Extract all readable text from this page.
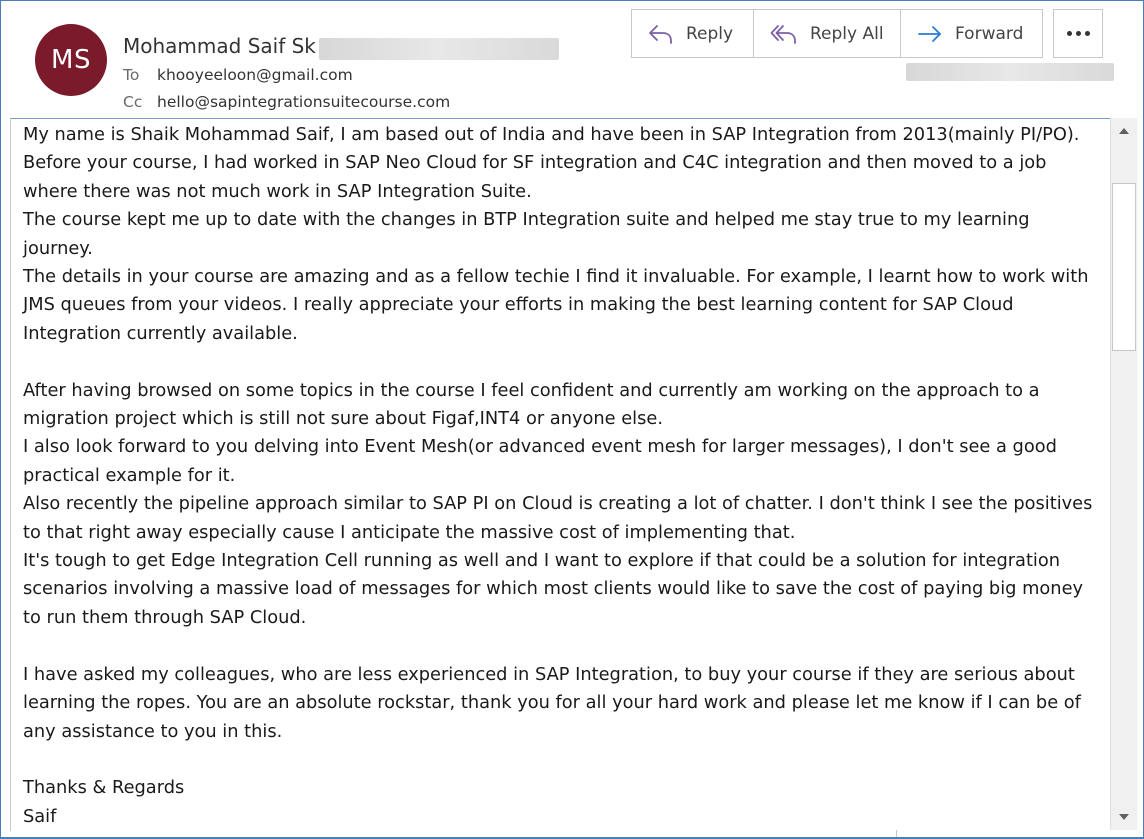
MS Mohammad Saif Sk
To	khooyeeloon@gmail.com
Cc hello@sapintegrationsuitecourse.com
Reply	Reply All	Forward

My name is Shaik Mohammad Saif, I am based out of India and have been in SAP Integration from 2013(mainly PI/PO). Before your course, I had worked in SAP Neo Cloud for SF integration and C4C integration and then moved to a job where there was not much work in SAP Integration Suite.

The course kept me up to date with the changes in BTP Integration suite and helped me stay true to my learning journey.

The details in your course are amazing and as a fellow techie I find it invaluable. For example, I learnt how to work with JMS queues from your videos. I really appreciate your efforts in making the best learning content for SAP Cloud Integration currently available.

After having browsed on some topics in the course I feel confident and currently am working on the approach to a migration project which is still not sure about Figaf,INT4 or anyone else.

I also look forward to you delving into Event Mesh(or advanced event mesh for larger messages), I don't see a good practical example for it.

Also recently the pipeline approach similar to SAP PI on Cloud is creating a lot of chatter. I don't think I see the positives to that right away especially cause I anticipate the massive cost of implementing that.

It's tough to get Edge Integration Cell running as well and I want to explore if that could be a solution for integration scenarios involving a massive load of messages for which most clients would like to save the cost of paying big money to run them through SAP Cloud.

I have asked my colleagues, who are less experienced in SAP Integration, to buy your course if they are serious about learning the ropes. You are an absolute rockstar, thank you for all your hard work and please let me know if I can be of any assistance to you in this.

Thanks & Regards

Saif
